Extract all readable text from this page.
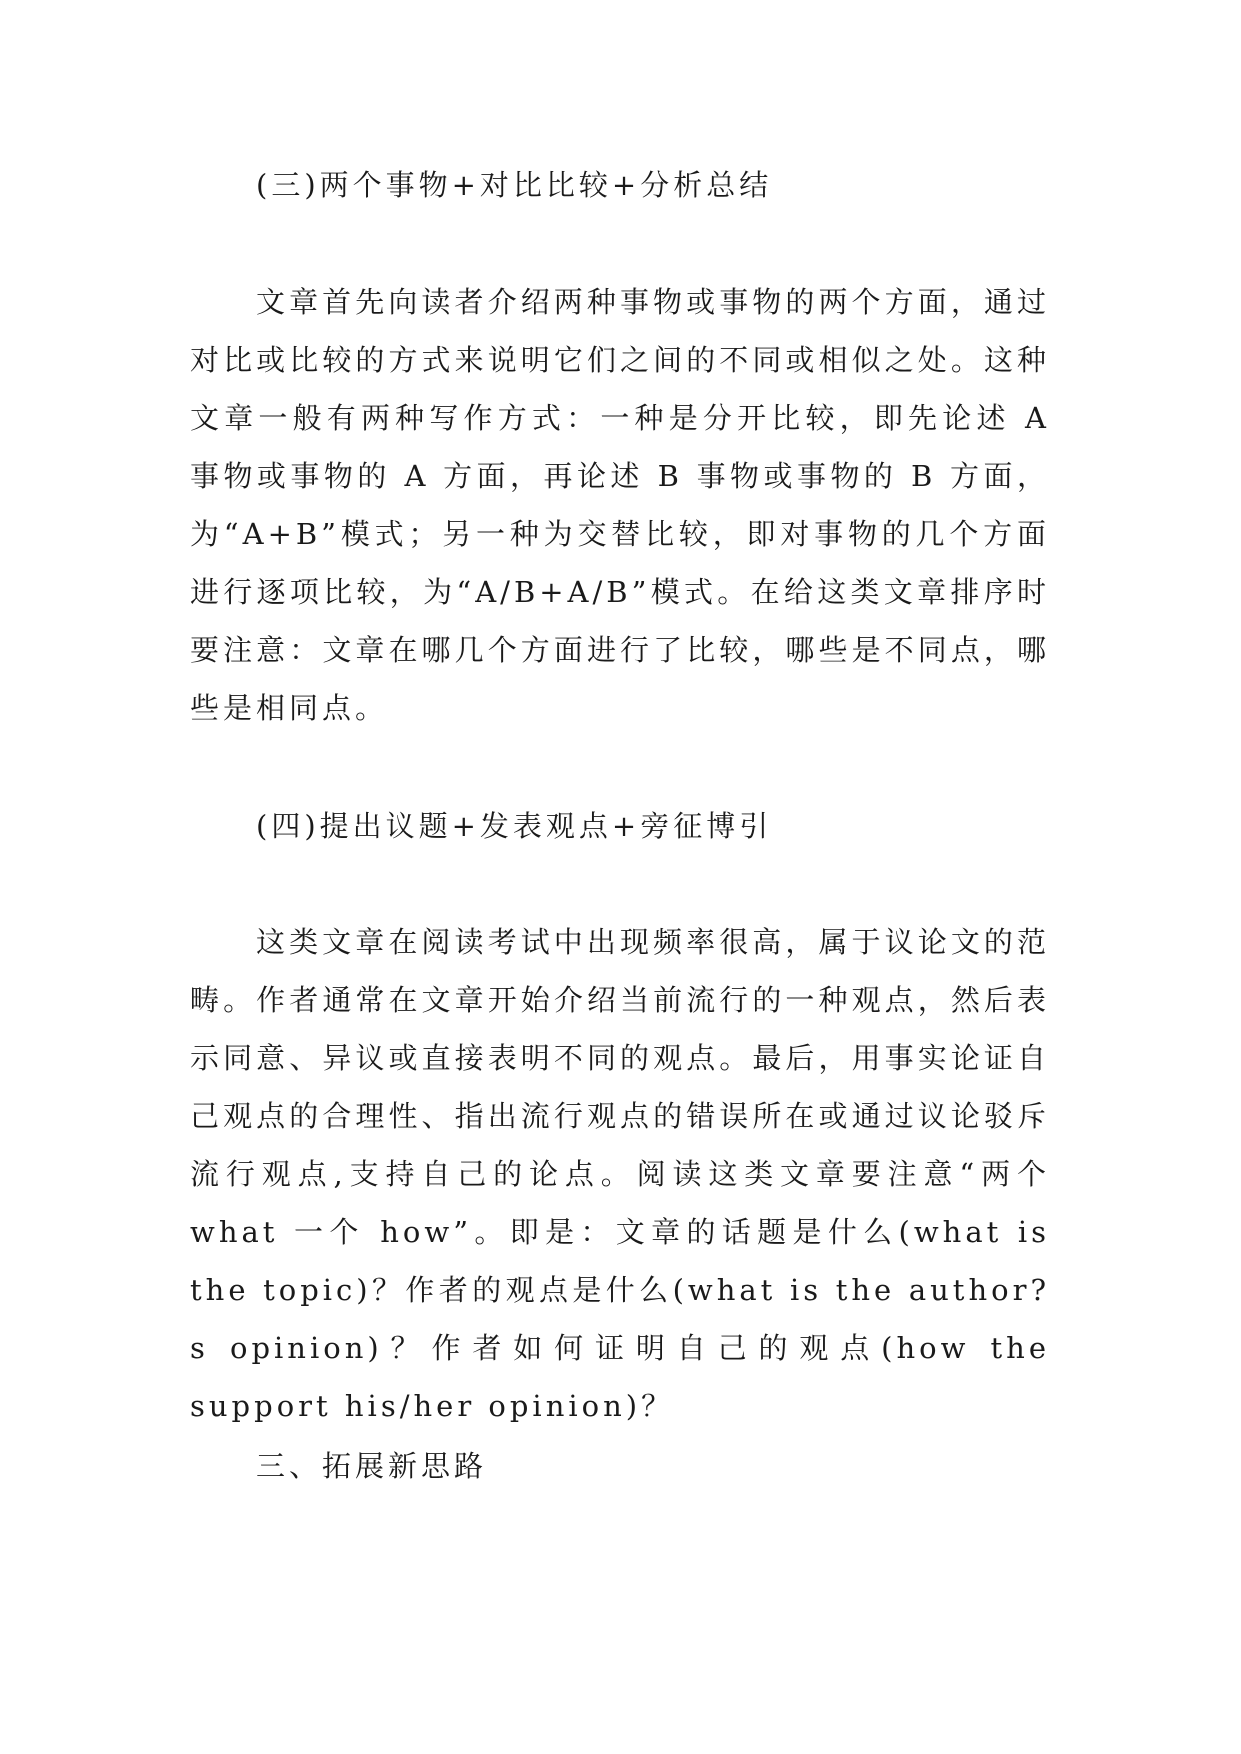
(三)两个事物+对比比较+分析总结

文章首先向读者介绍两种事物或事物的两个方面，通过对比或比较的方式来说明它们之间的不同或相似之处。这种文章一般有两种写作方式：一种是分开比较，即先论述 A 事物或事物的 A 方面，再论述 B 事物或事物的 B 方面，为“A+B”模式；另一种为交替比较，即对事物的几个方面进行逐项比较，为“A/B+A/B”模式。在给这类文章排序时要注意：文章在哪几个方面进行了比较，哪些是不同点，哪些是相同点。

(四)提出议题+发表观点+旁征博引

这类文章在阅读考试中出现频率很高，属于议论文的范畴。作者通常在文章开始介绍当前流行的一种观点，然后表示同意、异议或直接表明不同的观点。最后，用事实论证自己观点的合理性、指出流行观点的错误所在或通过议论驳斥流行观点,支持自己的论点。阅读这类文章要注意“两个 what 一个 how”。即是：文章的话题是什么(what is the topic)？作者的观点是什么(what is the author?s opinion)？作者如何证明自己的观点(how the support his/her opinion)？

三、拓展新思路
